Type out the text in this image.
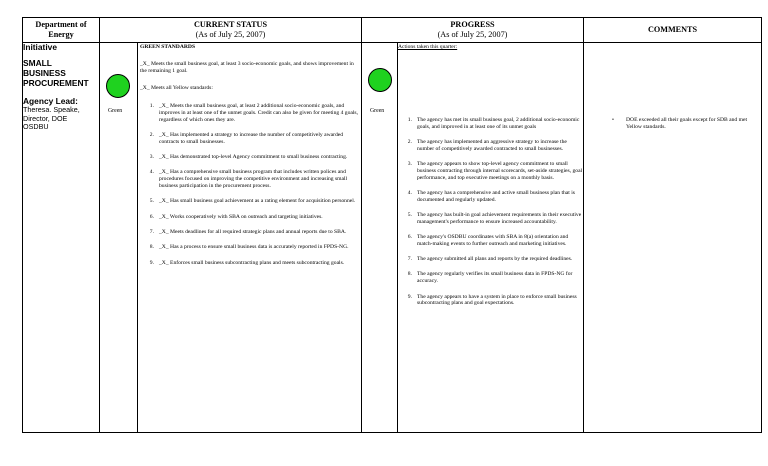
Department of
Energy
CURRENT STATUS
(As of July 25, 2007)
PROGRESS
(As of July 25, 2007)
COMMENTS
Initiative
SMALL
BUSINESS
PROCUREMENT
Agency Lead:
Theresa. Speake,
Director, DOE
OSDBU
Green	Green
GREEN STANDARDS

_X_ Meets the small business goal, at least 3 socio-economic goals, and shows improvement in the remaining 1 goal.

_X_ Meets all Yellow standards:

1. _X_ Meets the small business goal, at least 2 additional socio-economic goals, and improves in at least one of the unmet goals. Credit can also be given for meeting 4 goals, regardless of which ones they are.
2. _X_ Has implemented a strategy to increase the number of competitively awarded contracts to small businesses.
3. _X_ Has demonstrated top-level Agency commitment to small business contracting.
4. _X_ Has a comprehensive small business program that includes written polices and procedures focused on improving the competitive environment and increasing small business participation in the procurement process.
5. _X_ Has small business goal achievement as a rating element for acquisition personnel.
6. _X_ Works cooperatively with SBA on outreach and targeting initiatives.
7. _X_ Meets deadlines for all required strategic plans and annual reports due to SBA.
8. _X_ Has a process to ensure small business data is accurately reported in FPDS-NG.
9. _X_ Enforces small business subcontracting plans and meets subcontracting goals.
Actions taken this quarter:
1. The agency has met its small business goal, 2 additional socio-economic goals, and improved in at least one of its unmet goals
2. The agency has implemented an aggressive strategy to increase the number of competitively awarded contracted to small businesses.
3. The agency appears to show top-level agency commitment to small business contracting through internal scorecards, set-aside strategies, goal performance, and top executive meetings on a monthly basis.
4. The agency has a comprehensive and active small business plan that is documented and regularly updated.
5. The agency has built-in goal achievement requirements in their executive management's performance to ensure increased accountability.
6. The agency's OSDBU coordinates with SBA in 8(a) orientation and match-making events to further outreach and marketing initiatives.
7. The agency submitted all plans and reports by the required deadlines.
8. The agency regularly verifies its small business data in FPDS-NG for accuracy.
9. The agency appears to have a system in place to enforce small business subcontracting plans and goal expectations.
•	DOE exceeded all their goals except for SDB and met Yellow standards.
